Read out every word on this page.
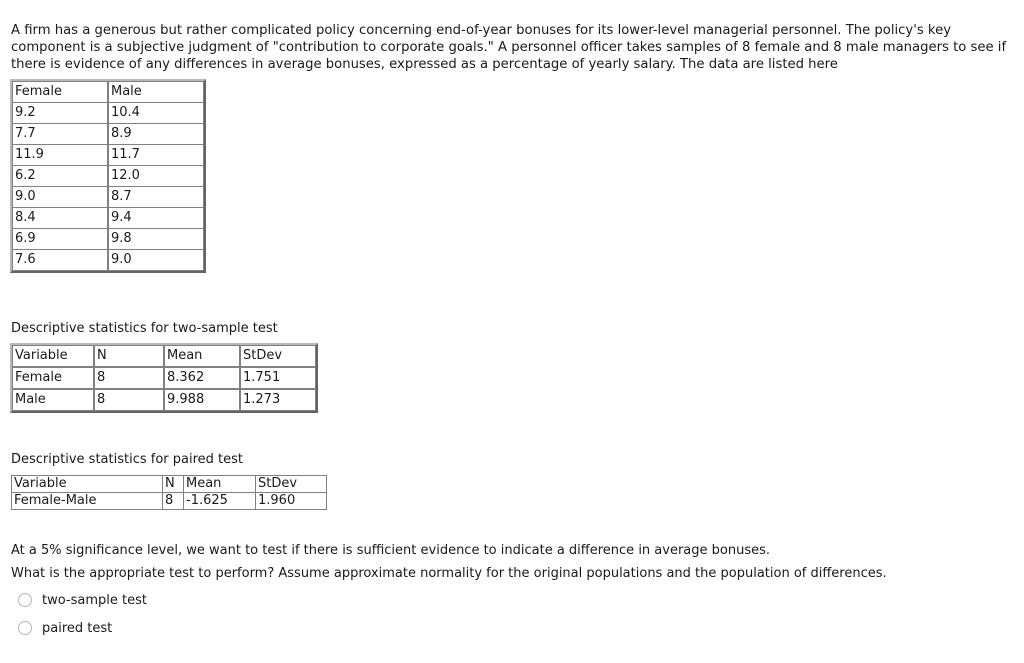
A firm has a generous but rather complicated policy concerning end-of-year bonuses for its lower-level managerial personnel. The policy's key component is a subjective judgment of "contribution to corporate goals." A personnel officer takes samples of 8 female and 8 male managers to see if there is evidence of any differences in average bonuses, expressed as a percentage of yearly salary. The data are listed here

Female	Male
9.2	10.4
7.7	8.9
11.9	11.7
6.2	12.0
9.0	8.7
8.4	9.4
6.9	9.8
7.6	9.0

Descriptive statistics for two-sample test

Variable	N	Mean	StDev
Female	8	8.362	1.751
Male	8	9.988	1.273

Descriptive statistics for paired test

Variable	N	Mean	StDev
Female-Male	8	-1.625	1.960

At a 5% significance level, we want to test if there is sufficient evidence to indicate a difference in average bonuses.

What is the appropriate test to perform? Assume approximate normality for the original populations and the population of differences.

two-sample test
paired test
